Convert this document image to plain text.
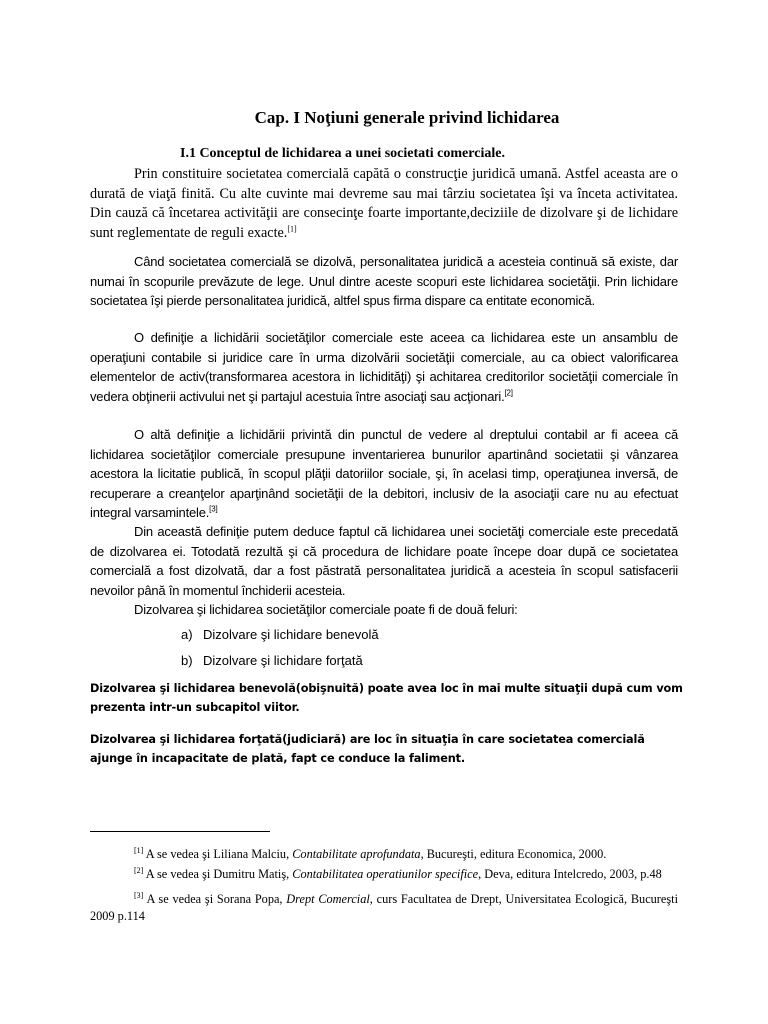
Cap. I Noţiuni generale privind lichidarea

I.1 Conceptul de lichidarea a unei societati comerciale.

Prin constituire societatea comercială capătă o construcţie juridică umană. Astfel aceasta are o durată de viaţă finită. Cu alte cuvinte mai devreme sau mai târziu societatea îşi va înceta activitatea. Din cauză că încetarea activităţii are consecinţe foarte importante,deciziile de dizolvare şi de lichidare sunt reglementate de reguli exacte.[1]

Când societatea comercială se dizolvă, personalitatea juridică a acesteia continuă să existe, dar numai în scopurile prevăzute de lege. Unul dintre aceste scopuri este lichidarea societăţii. Prin lichidare societatea îşi pierde personalitatea juridică, altfel spus firma dispare ca entitate economică.

O definiţie a lichidării societăţilor comerciale este aceea ca lichidarea este un ansamblu de operaţiuni contabile si juridice care în urma dizolvării societăţii comerciale, au ca obiect valorificarea elementelor de activ(transformarea acestora in lichidităţi) şi achitarea creditorilor societăţii comerciale în vedera obţinerii activului net şi partajul acestuia între asociaţi sau acţionari.[2]

O altă definiţie a lichidării privintă din punctul de vedere al dreptului contabil ar fi aceea că lichidarea societăţilor comerciale presupune inventarierea bunurilor apartinând societatii şi vânzarea acestora la licitatie publică, în scopul plăţii datoriilor sociale, şi, în acelasi timp, operaţiunea inversă, de recuperare a creanţelor aparţinând societăţii de la debitori, inclusiv de la asociaţii care nu au efectuat integral varsamintele.[3]

Din această definiţie putem deduce faptul că lichidarea unei societăţi comerciale este precedată de dizolvarea ei. Totodată rezultă şi că procedura de lichidare poate începe doar după ce societatea comercială a fost dizolvată, dar a fost păstrată personalitatea juridică a acesteia în scopul satisfacerii nevoilor până în momentul închiderii acesteia.

Dizolvarea şi lichidarea societăţilor comerciale poate fi de două feluri:

a) Dizolvare şi lichidare benevolă

b) Dizolvare şi lichidare forţată

Dizolvarea şi lichidarea benevolă(obişnuită) poate avea loc în mai multe situaţii după cum vom prezenta intr-un subcapitol viitor.

Dizolvarea şi lichidarea forţată(judiciară) are loc în situaţia în care societatea comercială ajunge în incapacitate de plată, fapt ce conduce la faliment.

[1] A se vedea şi Liliana Malciu, Contabilitate aprofundata, Bucureşti, editura Economica, 2000.

[2] A se vedea şi Dumitru Matiş, Contabilitatea operatiunilor specifice, Deva, editura Intelcredo, 2003, p.48

[3] A se vedea şi Sorana Popa, Drept Comercial, curs Facultatea de Drept, Universitatea Ecologică, Bucureşti 2009 p.114
